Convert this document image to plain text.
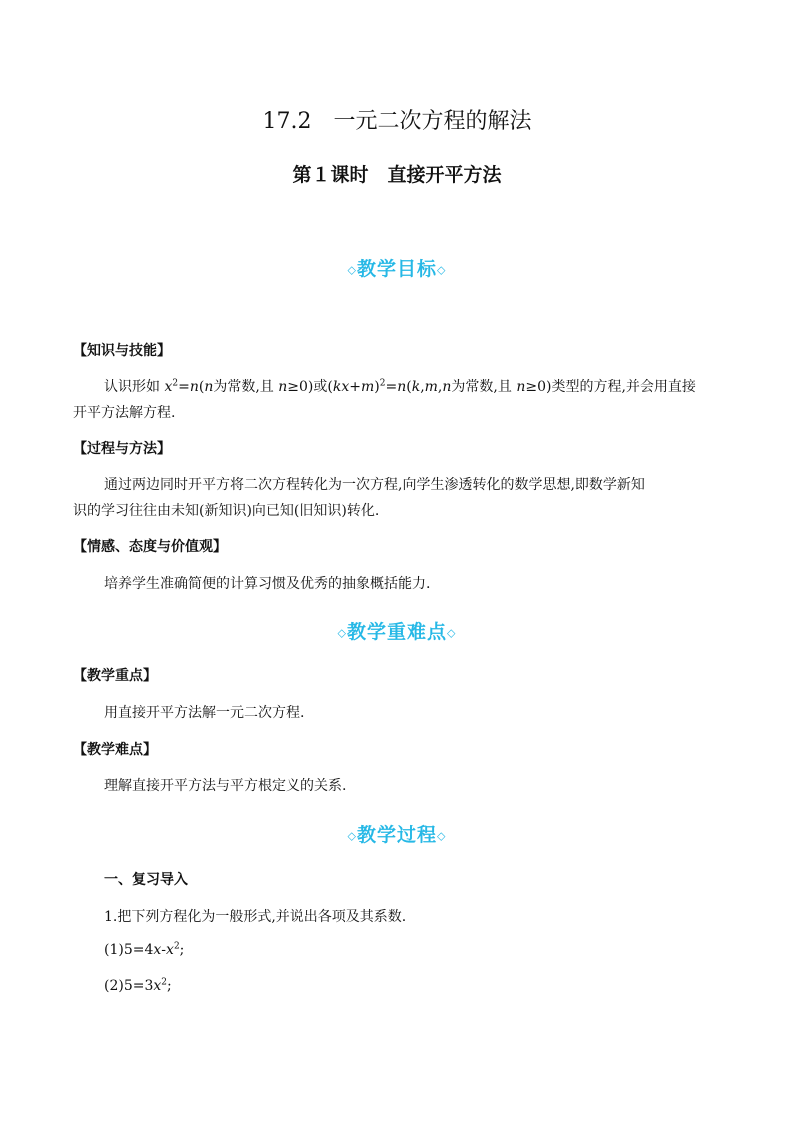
17.2　一元二次方程的解法
第１课时　直接开平方法
◇教学目标◇
【知识与技能】
认识形如 $x^2=n(n$为常数,且 n≥0)或$(kx+m)^2=n(k,m,n$为常数,且 n≥0)类型的方程,并会用直接
开平方法解方程.
【过程与方法】
通过两边同时开平方将二次方程转化为一次方程,向学生渗透转化的数学思想,即数学新知
识的学习往往由未知(新知识)向已知(旧知识)转化.
【情感、态度与价值观】
培养学生准确简便的计算习惯及优秀的抽象概括能力.
◇教学重难点◇
【教学重点】
用直接开平方法解一元二次方程.
【教学难点】
理解直接开平方法与平方根定义的关系.
◇教学过程◇
一、复习导入
1.把下列方程化为一般形式,并说出各项及其系数.
$(1)5=4x-x^2$;
$(2)5=3x^2$;
